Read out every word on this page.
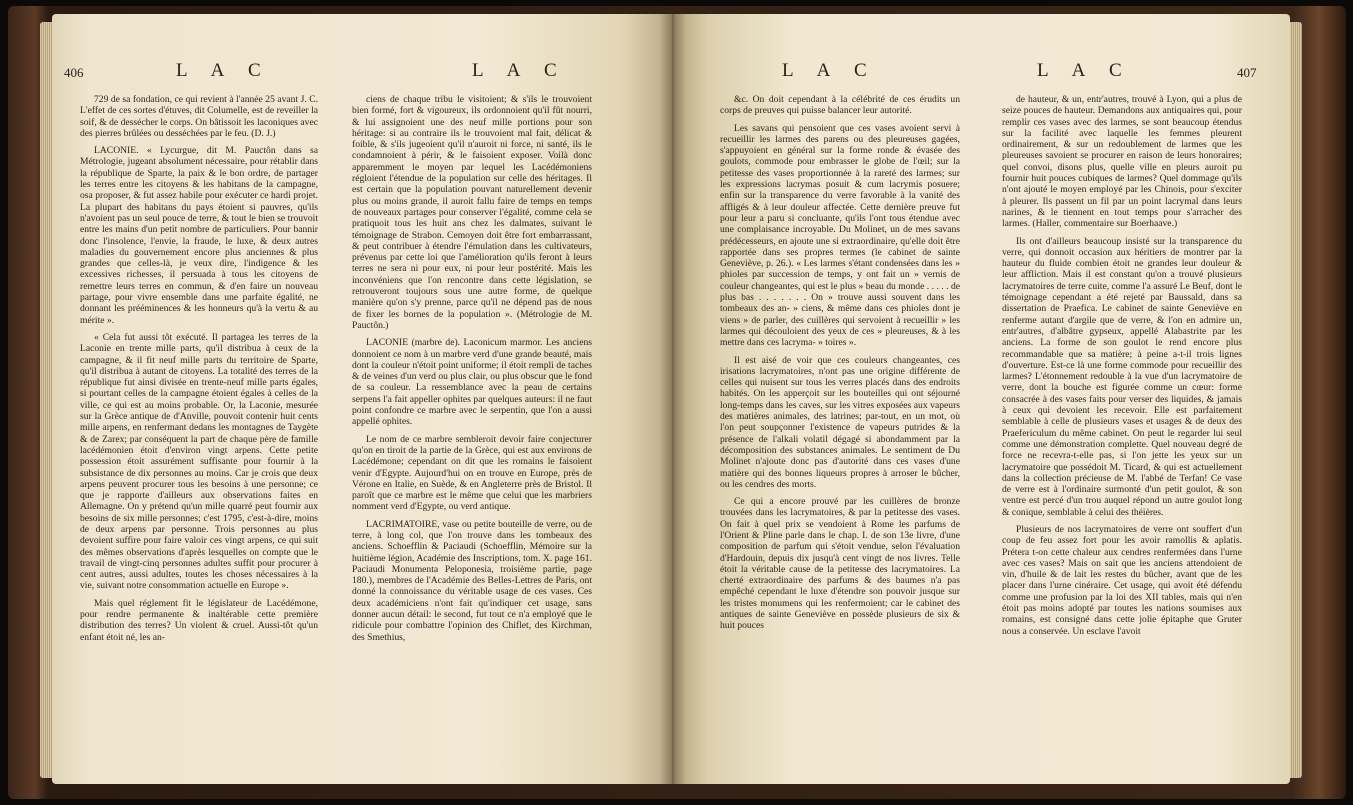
406	L A C	L A C

729 de sa fondation, ce qui revient à l'année 25 avant J. C. L'effet de ces sortes d'étuves, dit Columelle, est de reveiller la soif, & de dessécher le corps. On bâtissoit les laconiques avec des pierres brûlées ou desséchées par le feu. (D. J.)

LACONIE. « Lycurgue, dit M. Pauctôn dans sa Métrologie, jugeant absolument nécessaire, pour rétablir dans la république de Sparte, la paix & le bon ordre, de partager les terres entre les citoyens & les habitans de la campagne, osa proposer, & fut assez habile pour exécuter ce hardi projet. La plupart des habitans du pays étoient si pauvres, qu'ils n'avoient pas un seul pouce de terre, & tout le bien se trouvoit entre les mains d'un petit nombre de particuliers. Pour bannir donc l'insolence, l'envie, la fraude, le luxe, & deux autres maladies du gouvernement encore plus anciennes & plus grandes que celles-là, je veux dire, l'indigence & les excessives richesses, il persuada à tous les citoyens de remettre leurs terres en commun, & d'en faire un nouveau partage, pour vivre ensemble dans une parfaite égalité, ne donnant les prééminences & les honneurs qu'à la vertu & au mérite ».

« Cela fut aussi tôt exécuté. Il partagea les terres de la Laconie en trente mille parts, qu'il distribua à ceux de la campagne, & il fit neuf mille parts du territoire de Sparte, qu'il distribua à autant de citoyens. La totalité des terres de la république fut ainsi divisée en trente-neuf mille parts égales, si pourtant celles de la campagne étoient égales à celles de la ville, ce qui est au moins probable. Or, la Laconie, mesurée sur la Grèce antique de d'Anville, pouvoit contenir huit cents mille arpens, en renfermant dedans les montagnes de Taygète & de Zarex; par conséquent la part de chaque père de famille lacédémonien étoit d'environ vingt arpens. Cette petite possession étoit assurément suffisante pour fournir à la subsistance de dix personnes au moins. Car je crois que deux arpens peuvent procurer tous les besoins à une personne; ce que je rapporte d'ailleurs aux observations faites en Allemagne. On y prétend qu'un mille quarré peut fournir aux besoins de six mille personnes; c'est 1795, c'est-à-dire, moins de deux arpens par personne. Trois personnes au plus devoient suffire pour faire valoir ces vingt arpens, ce qui suit des mêmes observations d'après lesquelles on compte que le travail de vingt-cinq personnes adultes suffit pour procurer à cent autres, aussi adultes, toutes les choses nécessaires à la vie, suivant notre consommation actuelle en Europe ».

Mais quel réglement fit le législateur de Lacédémone, pour rendre permanente & inaltérable cette première distribution des terres? Un violent & cruel. Aussi-tôt qu'un enfant étoit né, les an-

ciens de chaque tribu le visitoient; & s'ils le trouvoient bien formé, fort & vigoureux, ils ordonnoient qu'il fût nourri, & lui assignoient une des neuf mille portions pour son héritage: si au contraire ils le trouvoient mal fait, délicat & foible, & s'ils jugeoient qu'il n'auroit ni force, ni santé, ils le condamnoient à périr, & le faisoient exposer. Voilà donc apparemment le moyen par lequel les Lacédémoniens régloient l'étendue de la population sur celle des héritages. Il est certain que la population pouvant naturellement devenir plus ou moins grande, il auroit fallu faire de temps en temps de nouveaux partages pour conserver l'égalité, comme cela se pratiquoit tous les huit ans chez les dalmates, suivant le témoignage de Strabon. Cemoyen doit être fort embarrassant, & peut contribuer à étendre l'émulation dans les cultivateurs, prévenus par cette loi que l'amélioration qu'ils feront à leurs terres ne sera ni pour eux, ni pour leur postérité. Mais les inconvéniens que l'on rencontre dans cette législation, se retrouveront toujours sous une autre forme, de quelque manière qu'on s'y prenne, parce qu'il ne dépend pas de nous de fixer les bornes de la population ». (Métrologie de M. Pauctôn.)

LACONIE (marbre de). Laconicum marmor. Les anciens donnoient ce nom à un marbre verd d'une grande beauté, mais dont la couleur n'étoit point uniforme; il étoit rempli de taches & de veines d'un verd ou plus clair, ou plus obscur que le fond de sa couleur. La ressemblance avec la peau de certains serpens l'a fait appeller ophites par quelques auteurs: il ne faut point confondre ce marbre avec le serpentin, que l'on a aussi appellé ophites.

Le nom de ce marbre sembleroit devoir faire conjecturer qu'on en tiroit de la partie de la Grèce, qui est aux environs de Lacédémone; cependant on dit que les romains le faisoient venir d'Egypte. Aujourd'hui on en trouve en Europe, près de Vérone en Italie, en Suède, & en Angleterre près de Bristol. Il paroît que ce marbre est le même que celui que les marbriers nomment verd d'Egypte, ou verd antique.

LACRIMATOIRE, vase ou petite bouteille de verre, ou de terre, à long col, que l'on trouve dans les tombeaux des anciens. Schoefflin & Paciaudi (Schoefflin, Mémoire sur la huitième légion, Académie des Inscriptions, tom. X. page 161. Paciaudi Monumenta Peloponesia, troisième partie, page 180.), membres de l'Académie des Belles-Lettres de Paris, ont donné la connoissance du véritable usage de ces vases. Ces deux académiciens n'ont fait qu'indiquer cet usage, sans donner aucun détail: le second, fut tout ce n'a employé que le ridicule pour combattre l'opinion des Chiflet, des Kirchman, des Smethius,

L A C	L A C	407

&c. On doit cependant à la célébrité de ces érudits un corps de preuves qui puisse balancer leur autorité.

Les savans qui pensoient que ces vases avoient servi à recueillir les larmes des parens ou des pleureuses gagées, s'appuyoient en général sur la forme ronde & évasée des goulots, commode pour embrasser le globe de l'œil; sur la petitesse des vases proportionnée à la rareté des larmes; sur les expressions lacrymas posuit & cum lacrymis posuere; enfin sur la transparence du verre favorable à la vanité des affligés & à leur douleur affectée. Cette dernière preuve fut pour leur a paru si concluante, qu'ils l'ont tous étendue avec une complaisance incroyable. Du Molinet, un de mes savans prédécesseurs, en ajoute une si extraordinaire, qu'elle doit être rapportée dans ses propres termes (le cabinet de sainte Geneviève, p. 26.). « Les larmes s'étant condensées dans les » phioles par succession de temps, y ont fait un » vernis de couleur changeantes, qui est le plus » beau du monde . . . . . de plus bas . . . . . . . On » trouve aussi souvent dans les tombeaux des an- » ciens, & même dans ces phioles dont je viens » de parler, des cuillères qui servoient à recueillir » les larmes qui découloient des yeux de ces » pleureuses, & à les mettre dans ces lacryma- » toires ».

Il est aisé de voir que ces couleurs changeantes, ces irisations lacrymatoires, n'ont pas une origine différente de celles qui nuisent sur tous les verres placés dans des endroits habités. On les apperçoit sur les bouteilles qui ont séjourné long-temps dans les caves, sur les vitres exposées aux vapeurs des matières animales, des latrines; par-tout, en un mot, où l'on peut soupçonner l'existence de vapeurs putrides & la présence de l'alkali volatil dégagé si abondamment par la décomposition des substances animales. Le sentiment de Du Molinet n'ajoute donc pas d'autorité dans ces vases d'une matière qui des bonnes liqueurs propres à arroser le bûcher, ou les cendres des morts.

Ce qui a encore prouvé par les cuillères de bronze trouvées dans les lacrymatoires, & par la petitesse des vases. On fait à quel prix se vendoient à Rome les parfums de l'Orient & Pline parle dans le chap. I. de son 13e livre, d'une composition de parfum qui s'étoit vendue, selon l'évaluation d'Hardouin, depuis dix jusqu'à cent vingt de nos livres. Telle étoit la véritable cause de la petitesse des lacrymatoires. La cherté extraordinaire des parfums & des baumes n'a pas empêché cependant le luxe d'étendre son pouvoir jusque sur les tristes monumens qui les renfermoient; car le cabinet des antiques de sainte Geneviève en possède plusieurs de six & huit pouces

de hauteur, & un, entr'autres, trouvé à Lyon, qui a plus de seize pouces de hauteur. Demandons aux antiquaires qui, pour remplir ces vases avec des larmes, se sont beaucoup étendus sur la facilité avec laquelle les femmes pleurent ordinairement, & sur un redoublement de larmes que les pleureuses savoient se procurer en raison de leurs honoraires; quel convoi, disons plus, quelle ville en pleurs auroit pu fournir huit pouces cubiques de larmes? Quel dommage qu'ils n'ont ajouté le moyen employé par les Chinois, pour s'exciter à pleurer. Ils passent un fil par un point lacrymal dans leurs narines, & le tiennent en tout temps pour s'arracher des larmes. (Haller, commentaire sur Boerhaave.)

Ils ont d'ailleurs beaucoup insisté sur la transparence du verre, qui donnoit occasion aux héritiers de montrer par la hauteur du fluide combien étoit ne grandes leur douleur & leur affliction. Mais il est constant qu'on a trouvé plusieurs lacrymatoires de terre cuite, comme l'a assuré Le Beuf, dont le témoignage cependant a été rejeté par Baussald, dans sa dissertation de Praefica. Le cabinet de sainte Geneviève en renferme autant d'argile que de verre, & l'on en admire un, entr'autres, d'albâtre gypseux, appellé Alabastrite par les anciens. La forme de son goulot le rend encore plus recommandable que sa matière; à peine a-t-il trois lignes d'ouverture. Est-ce là une forme commode pour recueillir des larmes? L'étonnement redouble à la vue d'un lacrymatoire de verre, dont la bouche est figurée comme un cœur: forme consacrée à des vases faits pour verser des liquides, & jamais à ceux qui devoient les recevoir. Elle est parfaitement semblable à celle de plusieurs vases et usages & de deux des Praefericulum du même cabinet. On peut le regarder lui seul comme une démonstration complette. Quel nouveau degré de force ne recevra-t-elle pas, si l'on jette les yeux sur un lacrymatoire que possédoit M. Ticard, & qui est actuellement dans la collection précieuse de M. l'abbé de Terfan! Ce vase de verre est à l'ordinaire surmonté d'un petit goulot, & son ventre est percé d'un trou auquel répond un autre goulot long & conique, semblable à celui des théières.

Plusieurs de nos lacrymatoires de verre ont souffert d'un coup de feu assez fort pour les avoir ramollis & aplatis. Prétera t-on cette chaleur aux cendres renfermées dans l'urne avec ces vases? Mais on sait que les anciens attendoient de vin, d'huile & de lait les restes du bûcher, avant que de les placer dans l'urne cinéraire. Cet usage, qui avoit été défendu comme une profusion par la loi des XII tables, mais qui n'en étoit pas moins adopté par toutes les nations soumises aux romains, est consigné dans cette jolie épitaphe que Gruter nous a conservée. Un esclave l'avoit
